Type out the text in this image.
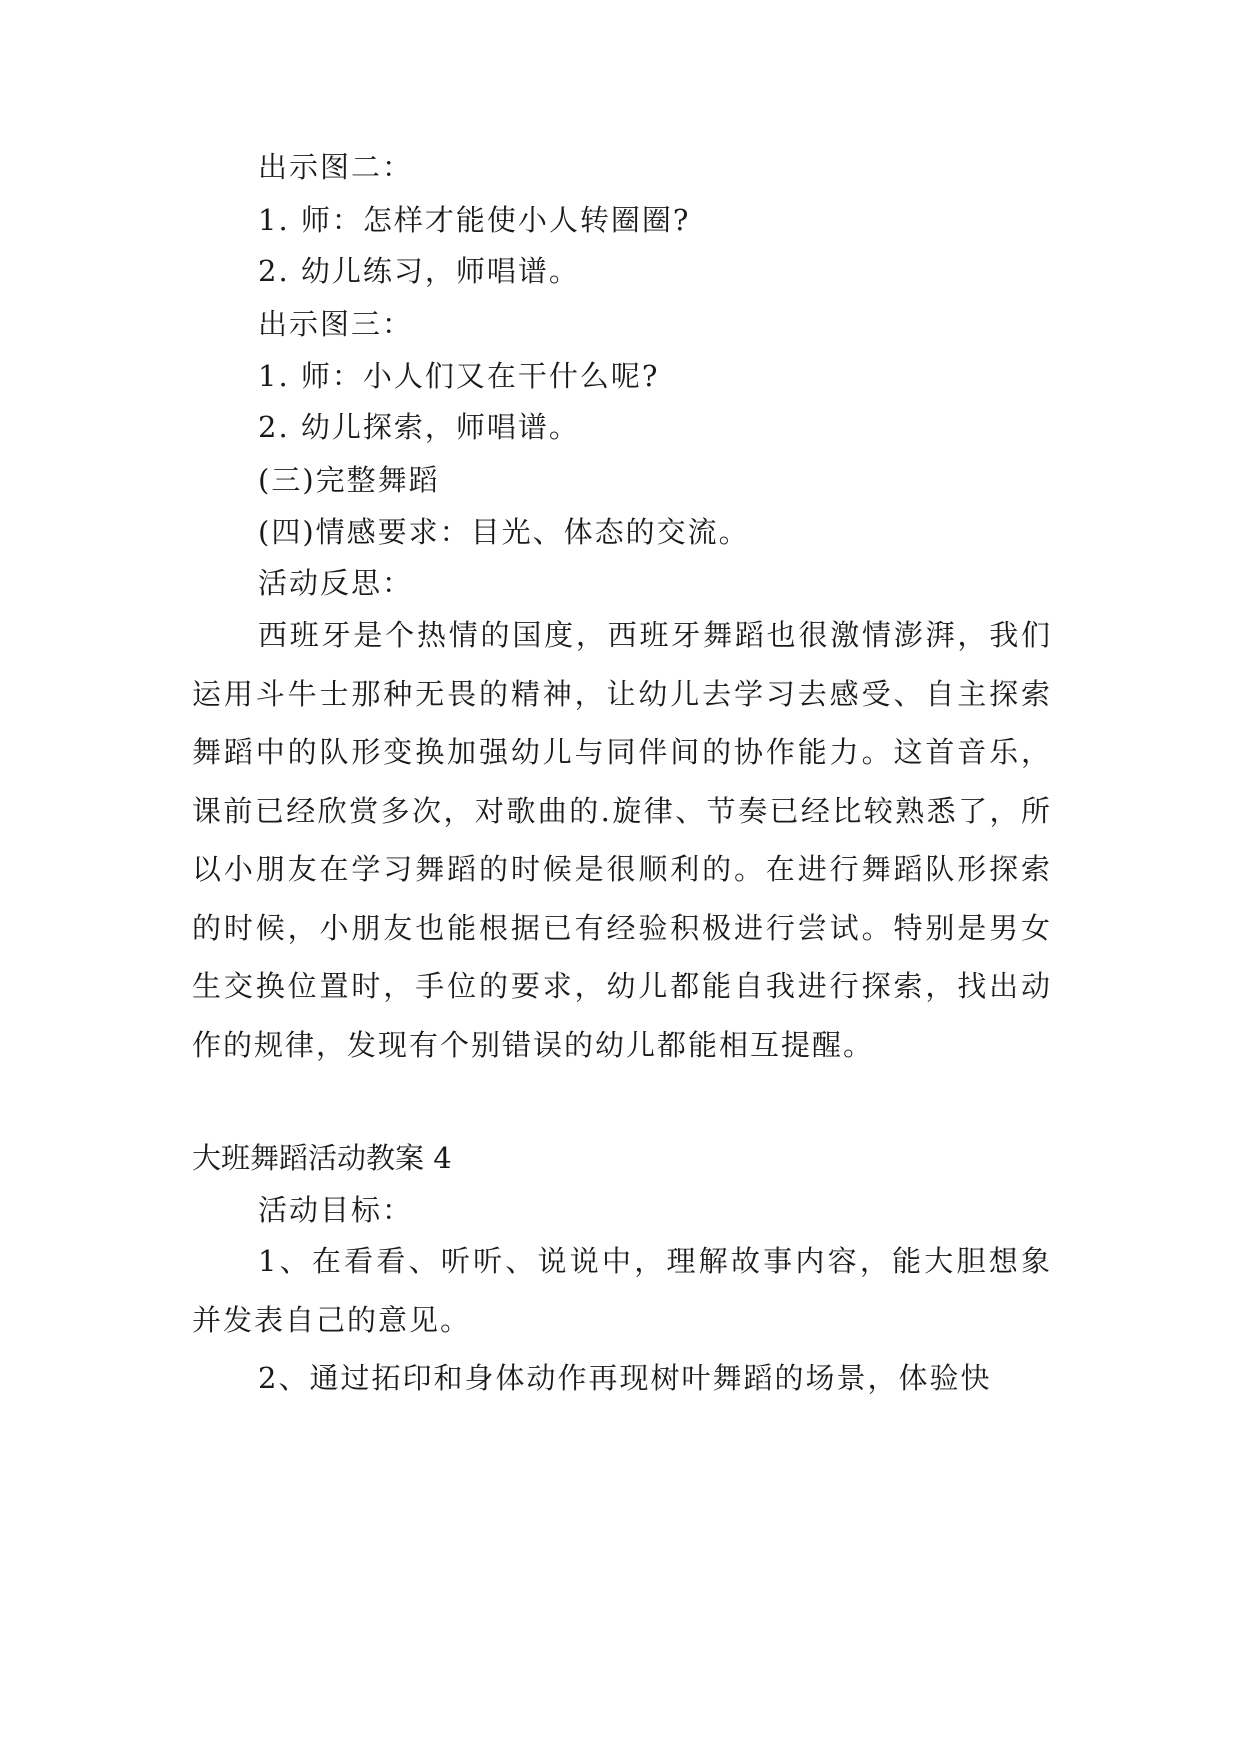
出示图二：
1. 师：怎样才能使小人转圈圈?
2. 幼儿练习，师唱谱。
出示图三：
1. 师：小人们又在干什么呢?
2. 幼儿探索，师唱谱。
(三)完整舞蹈
(四)情感要求：目光、体态的交流。
活动反思：

西班牙是个热情的国度，西班牙舞蹈也很激情澎湃，我们运用斗牛士那种无畏的精神，让幼儿去学习去感受、自主探索舞蹈中的队形变换加强幼儿与同伴间的协作能力。这首音乐，课前已经欣赏多次，对歌曲的.旋律、节奏已经比较熟悉了，所以小朋友在学习舞蹈的时候是很顺利的。在进行舞蹈队形探索的时候，小朋友也能根据已有经验积极进行尝试。特别是男女生交换位置时，手位的要求，幼儿都能自我进行探索，找出动作的规律，发现有个别错误的幼儿都能相互提醒。

大班舞蹈活动教案 4
活动目标：

1、在看看、听听、说说中，理解故事内容，能大胆想象并发表自己的意见。

2、通过拓印和身体动作再现树叶舞蹈的场景，体验快
